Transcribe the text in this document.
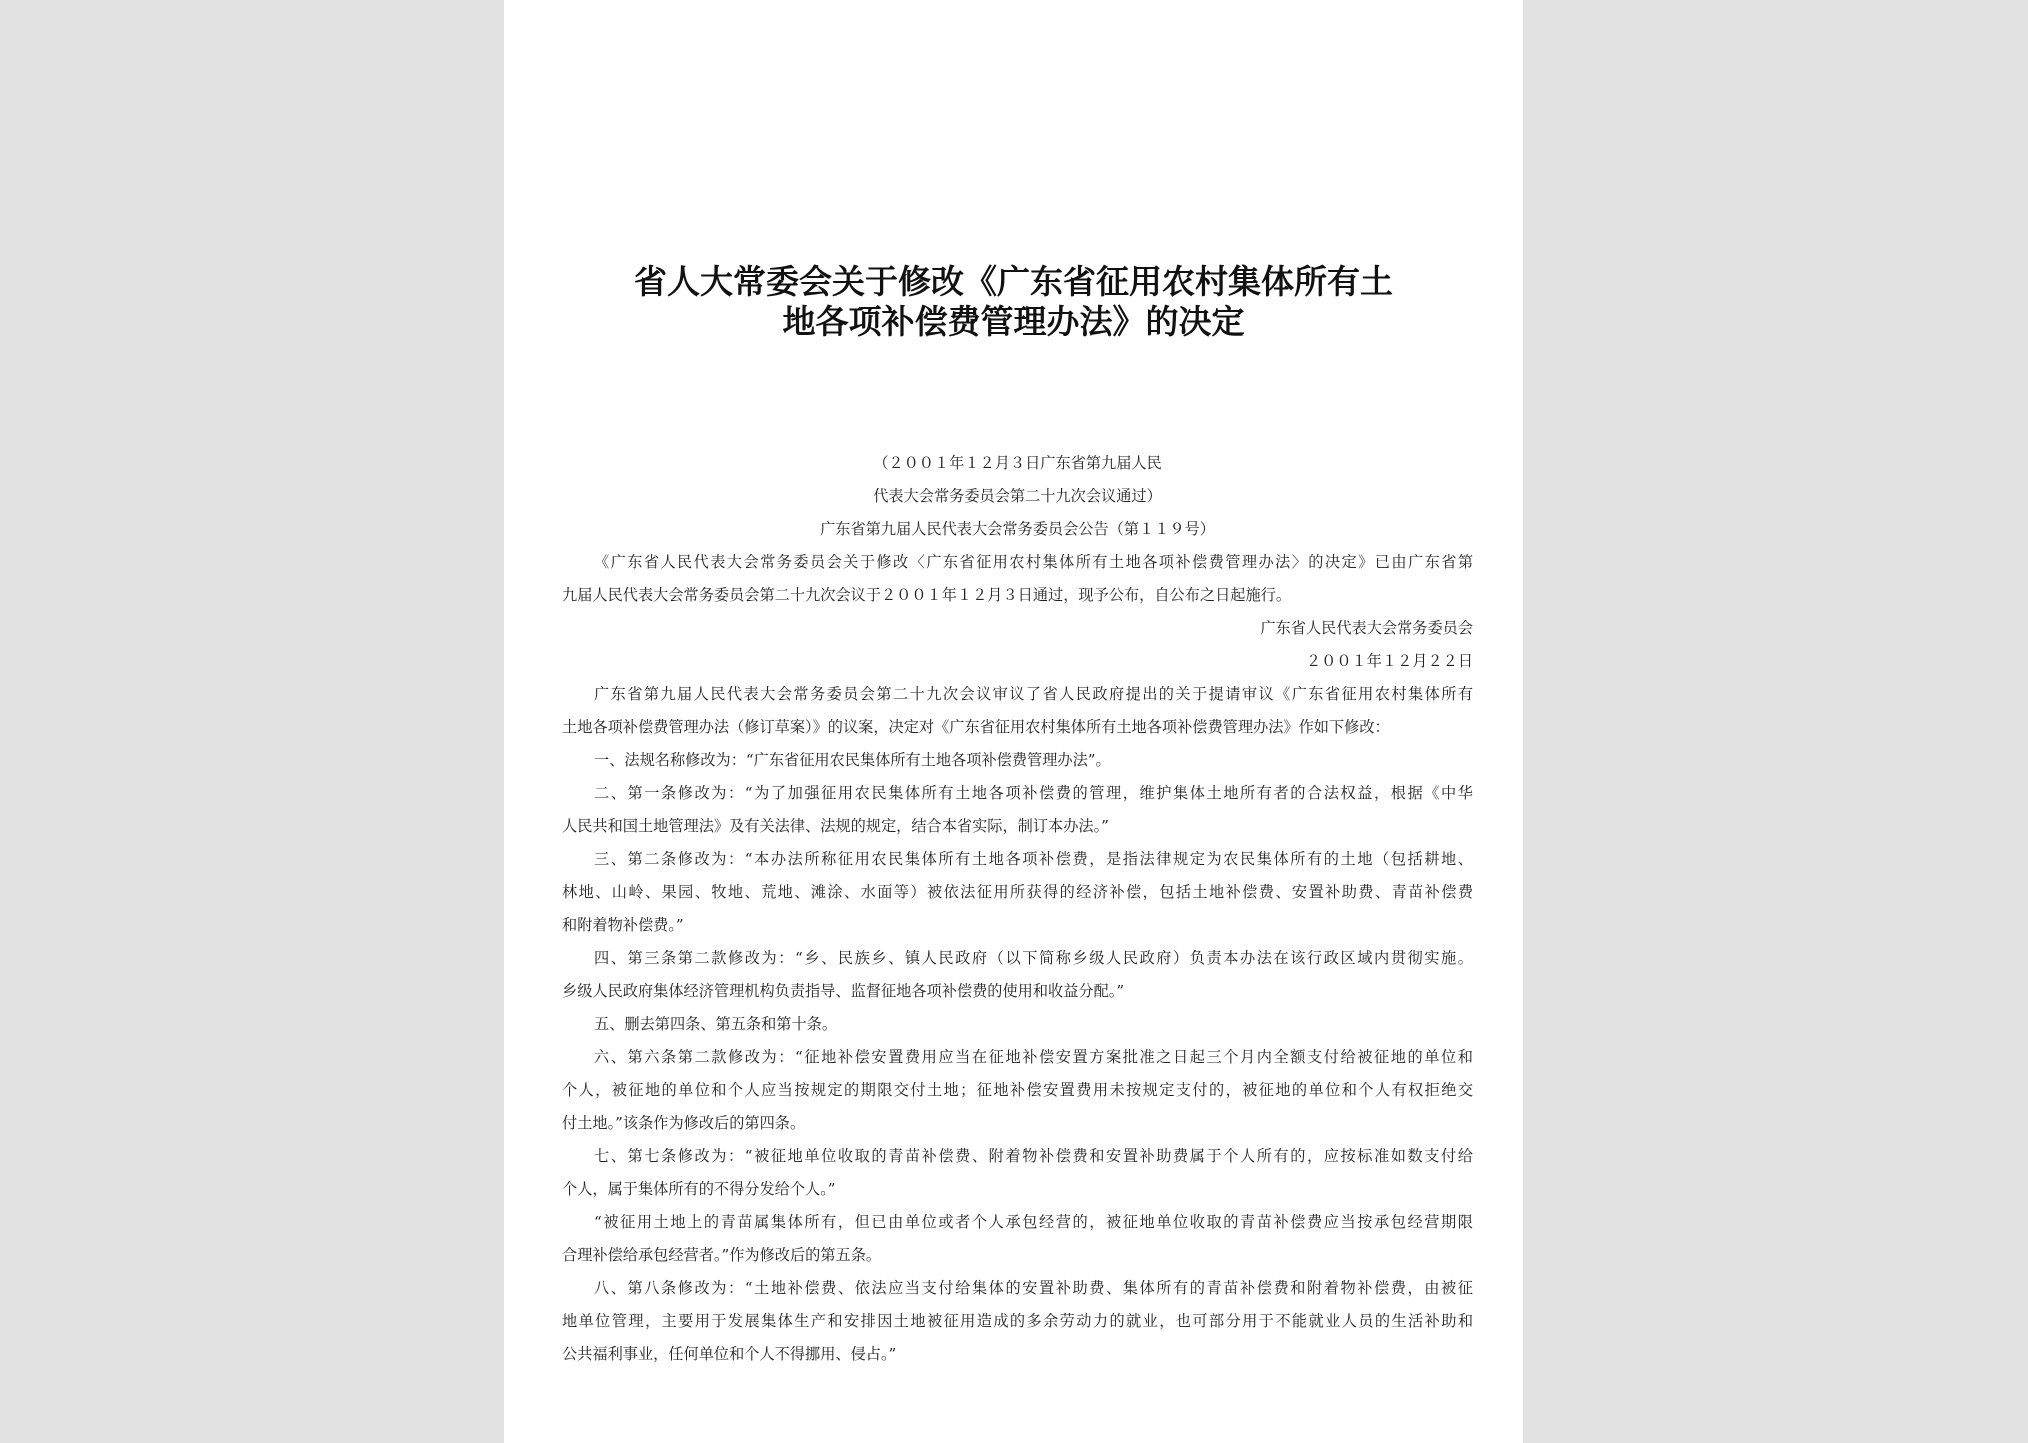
省人大常委会关于修改《广东省征用农村集体所有土
地各项补偿费管理办法》的决定
（２００１年１２月３日广东省第九届人民
代表大会常务委员会第二十九次会议通过）
广东省第九届人民代表大会常务委员会公告（第１１９号）
《广东省人民代表大会常务委员会关于修改〈广东省征用农村集体所有土地各项补偿费管理办法〉的决定》已由广东省第
九届人民代表大会常务委员会第二十九次会议于２００１年１２月３日通过，现予公布，自公布之日起施行。
广东省人民代表大会常务委员会
２００１年１２月２２日
广东省第九届人民代表大会常务委员会第二十九次会议审议了省人民政府提出的关于提请审议《广东省征用农村集体所有
土地各项补偿费管理办法（修订草案）》的议案，决定对《广东省征用农村集体所有土地各项补偿费管理办法》作如下修改：
一、法规名称修改为：“广东省征用农民集体所有土地各项补偿费管理办法”。
二、第一条修改为：“为了加强征用农民集体所有土地各项补偿费的管理，维护集体土地所有者的合法权益，根据《中华
人民共和国土地管理法》及有关法律、法规的规定，结合本省实际，制订本办法。”
三、第二条修改为：“本办法所称征用农民集体所有土地各项补偿费，是指法律规定为农民集体所有的土地（包括耕地、
林地、山岭、果园、牧地、荒地、滩涂、水面等）被依法征用所获得的经济补偿，包括土地补偿费、安置补助费、青苗补偿费
和附着物补偿费。”
四、第三条第二款修改为：“乡、民族乡、镇人民政府（以下简称乡级人民政府）负责本办法在该行政区域内贯彻实施。
乡级人民政府集体经济管理机构负责指导、监督征地各项补偿费的使用和收益分配。”
五、删去第四条、第五条和第十条。
六、第六条第二款修改为：“征地补偿安置费用应当在征地补偿安置方案批准之日起三个月内全额支付给被征地的单位和
个人，被征地的单位和个人应当按规定的期限交付土地；征地补偿安置费用未按规定支付的，被征地的单位和个人有权拒绝交
付土地。”该条作为修改后的第四条。
七、第七条修改为：“被征地单位收取的青苗补偿费、附着物补偿费和安置补助费属于个人所有的，应按标准如数支付给
个人，属于集体所有的不得分发给个人。”
“被征用土地上的青苗属集体所有，但已由单位或者个人承包经营的，被征地单位收取的青苗补偿费应当按承包经营期限
合理补偿给承包经营者。”作为修改后的第五条。
八、第八条修改为：“土地补偿费、依法应当支付给集体的安置补助费、集体所有的青苗补偿费和附着物补偿费，由被征
地单位管理，主要用于发展集体生产和安排因土地被征用造成的多余劳动力的就业，也可部分用于不能就业人员的生活补助和
公共福利事业，任何单位和个人不得挪用、侵占。”
